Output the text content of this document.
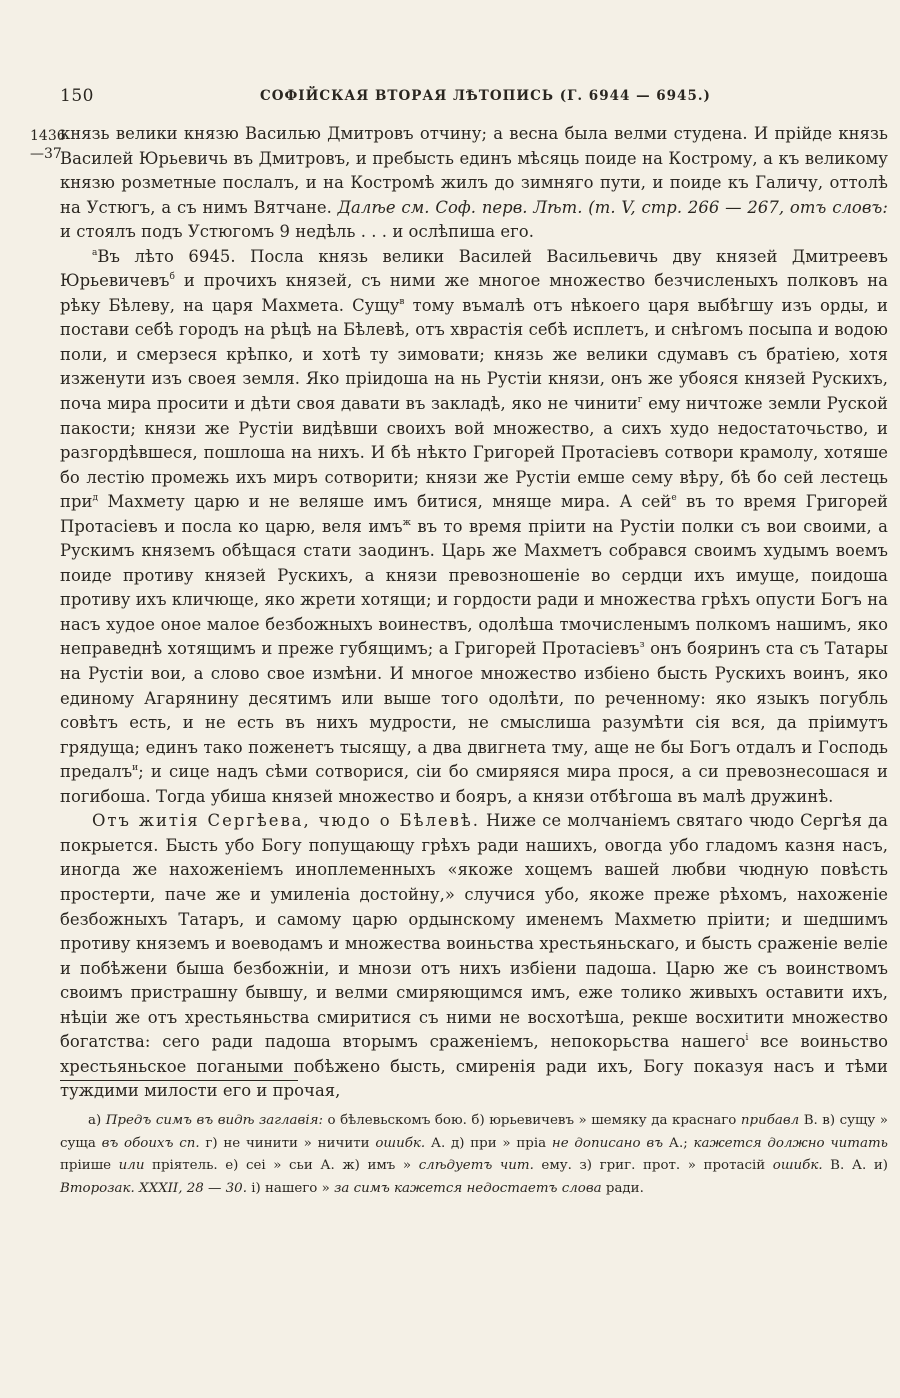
150	СОФІЙСКАЯ ВТОРАЯ ЛѢТОПИСЬ (Г. 6944 — 6945.)
1436
—37

князь велики князю Василью Дмитровъ отчину; а весна была велми студена. И прійде князь Василей Юрьевичь въ Дмитровъ, и пребысть единъ мѣсяць поиде на Кострому, а къ великому князю розметные послалъ, и на Костромѣ жилъ до зимняго пути, и поиде къ Галичу, оттолѣ на Устюгъ, а съ нимъ Вятчане. Далѣе см. Соф. перв. Лѣт. (т. V, стр. 266 — 267, отъ словъ: и стоялъ подъ Устюгомъ 9 недѣль . . . и ослѣпиша его.

$^а$Въ лѣто 6945. Посла князь велики Василей Васильевичь дву князей Дмитреевъ Юрьевичевъ$^б$ и прочихъ князей, съ ними же многое множество безчисленыхъ полковъ на рѣку Бѣлеву, на царя Махмета. Сущу$^в$ тому въмалѣ отъ нѣкоего царя выбѣгшу изъ орды, и постави себѣ городъ на рѣцѣ на Бѣлевѣ, отъ хврастія себѣ исплетъ, и снѣгомъ посыпа и водою поли, и смерзеся крѣпко, и хотѣ ту зимовати; князь же велики сдумавъ съ братіею, хотя изженути изъ своея земля. Яко пріидоша на нь Рустіи князи, онъ же убояся князей Рускихъ, поча мира просити и дѣти своя давати въ закладѣ, яко не чинити$^г$ ему ничтоже земли Руской пакости; князи же Рустіи видѣвши своихъ вой множество, а сихъ худо недостаточьство, и разгордѣвшеся, пошлоша на нихъ. И бѣ нѣкто Григорей Протасіевъ сотвори крамолу, хотяше бо лестію промежь ихъ миръ сотворити; князи же Рустіи емше сему вѣру, бѣ бо сей лестець при$^д$ Махмету царю и не веляше имъ битися, мняще мира. А сей$^е$ въ то время Григорей Протасіевъ и посла ко царю, веля имъ$^ж$ въ то время пріити на Рустіи полки съ вои своими, а Рускимъ княземъ обѣщася стати заодинъ. Царь же Махметъ собрався своимъ худымъ воемъ поиде противу князей Рускихъ, а князи превозношеніе во сердци ихъ имуще, поидоша противу ихъ кличюще, яко жрети хотящи; и гордости ради и множества грѣхъ опусти Богъ на насъ худое оное малое безбожныхъ воинествъ, одолѣша тмочисленымъ полкомъ нашимъ, яко неправеднѣ хотящимъ и преже губящимъ; а Григорей Протасіевъ$^з$ онъ бояринъ ста съ Татары на Рустіи вои, а слово свое измѣни. И многое множество избіено бысть Рускихъ воинъ, яко единому Агарянину десятимъ или выше того одолѣти, по реченному: яко языкъ погубль совѣтъ есть, и не есть въ нихъ мудрости, не смыслиша разумѣти сія вся, да пріимутъ грядуща; единъ тако поженетъ тысящу, а два двигнета тму, аще не бы Богъ отдалъ и Господь предалъ$^и$; и сице надъ сѣми сотворися, сіи бо смиряяся мира прося, а си превознесошася и погибоша. Тогда убиша князей множество и бояръ, а князи отбѣгоша въ малѣ дружинѣ.

Отъ житія Сергѣева, чюдо о Бѣлевѣ. Ниже се молчаніемъ святаго чюдо Сергѣя да покрыется. Бысть убо Богу попущающу грѣхъ ради нашихъ, овогда убо гладомъ казня насъ, иногда же нахоженіемъ иноплеменныхъ «якоже хощемъ вашей любви чюдную повѣсть простерти, паче же и умиленіа достойну,» случися убо, якоже преже рѣхомъ, нахоженіе безбожныхъ Татаръ, и самому царю ордынскому именемъ Махметю пріити; и шедшимъ противу княземъ и воеводамъ и множества воиньства хрестьяньскаго, и бысть сраженіе веліе и побѣжени быша безбожніи, и мнози отъ нихъ избіени падоша. Царю же съ воинствомъ своимъ пристрашну бывшу, и велми смиряющимся имъ, еже толико живыхъ оставити ихъ, нѣціи же отъ хрестьяньства смиритися съ ними не восхотѣша, рекше восхитити множество богатства: сего ради падоша вторымъ сраженіемъ, непокорьства нашего$^і$ все воиньство хрестьяньское погаными побѣжено бысть, смиренія ради ихъ, Богу показуя насъ и тѣми туждими милости его и прочая,

а) Предъ симъ въ видѣ заглавія: о бѣлевьскомъ бою. б) юрьевичевъ » шемяку да краснаго прибавл В. в) сущу » суща въ обоихъ сп. г) не чинити » ничити ошибк. А. д) при » пріа не дописано въ А.; кажется должно читать пріише или пріятель. е) сеі » сьи А. ж) имъ » слѣдуетъ чит. ему. з) григ. прот. » протасій ошибк. В. А. и) Второзак. XXXII, 28 — 30. і) нашего » за симъ кажется недостаетъ слова ради.
